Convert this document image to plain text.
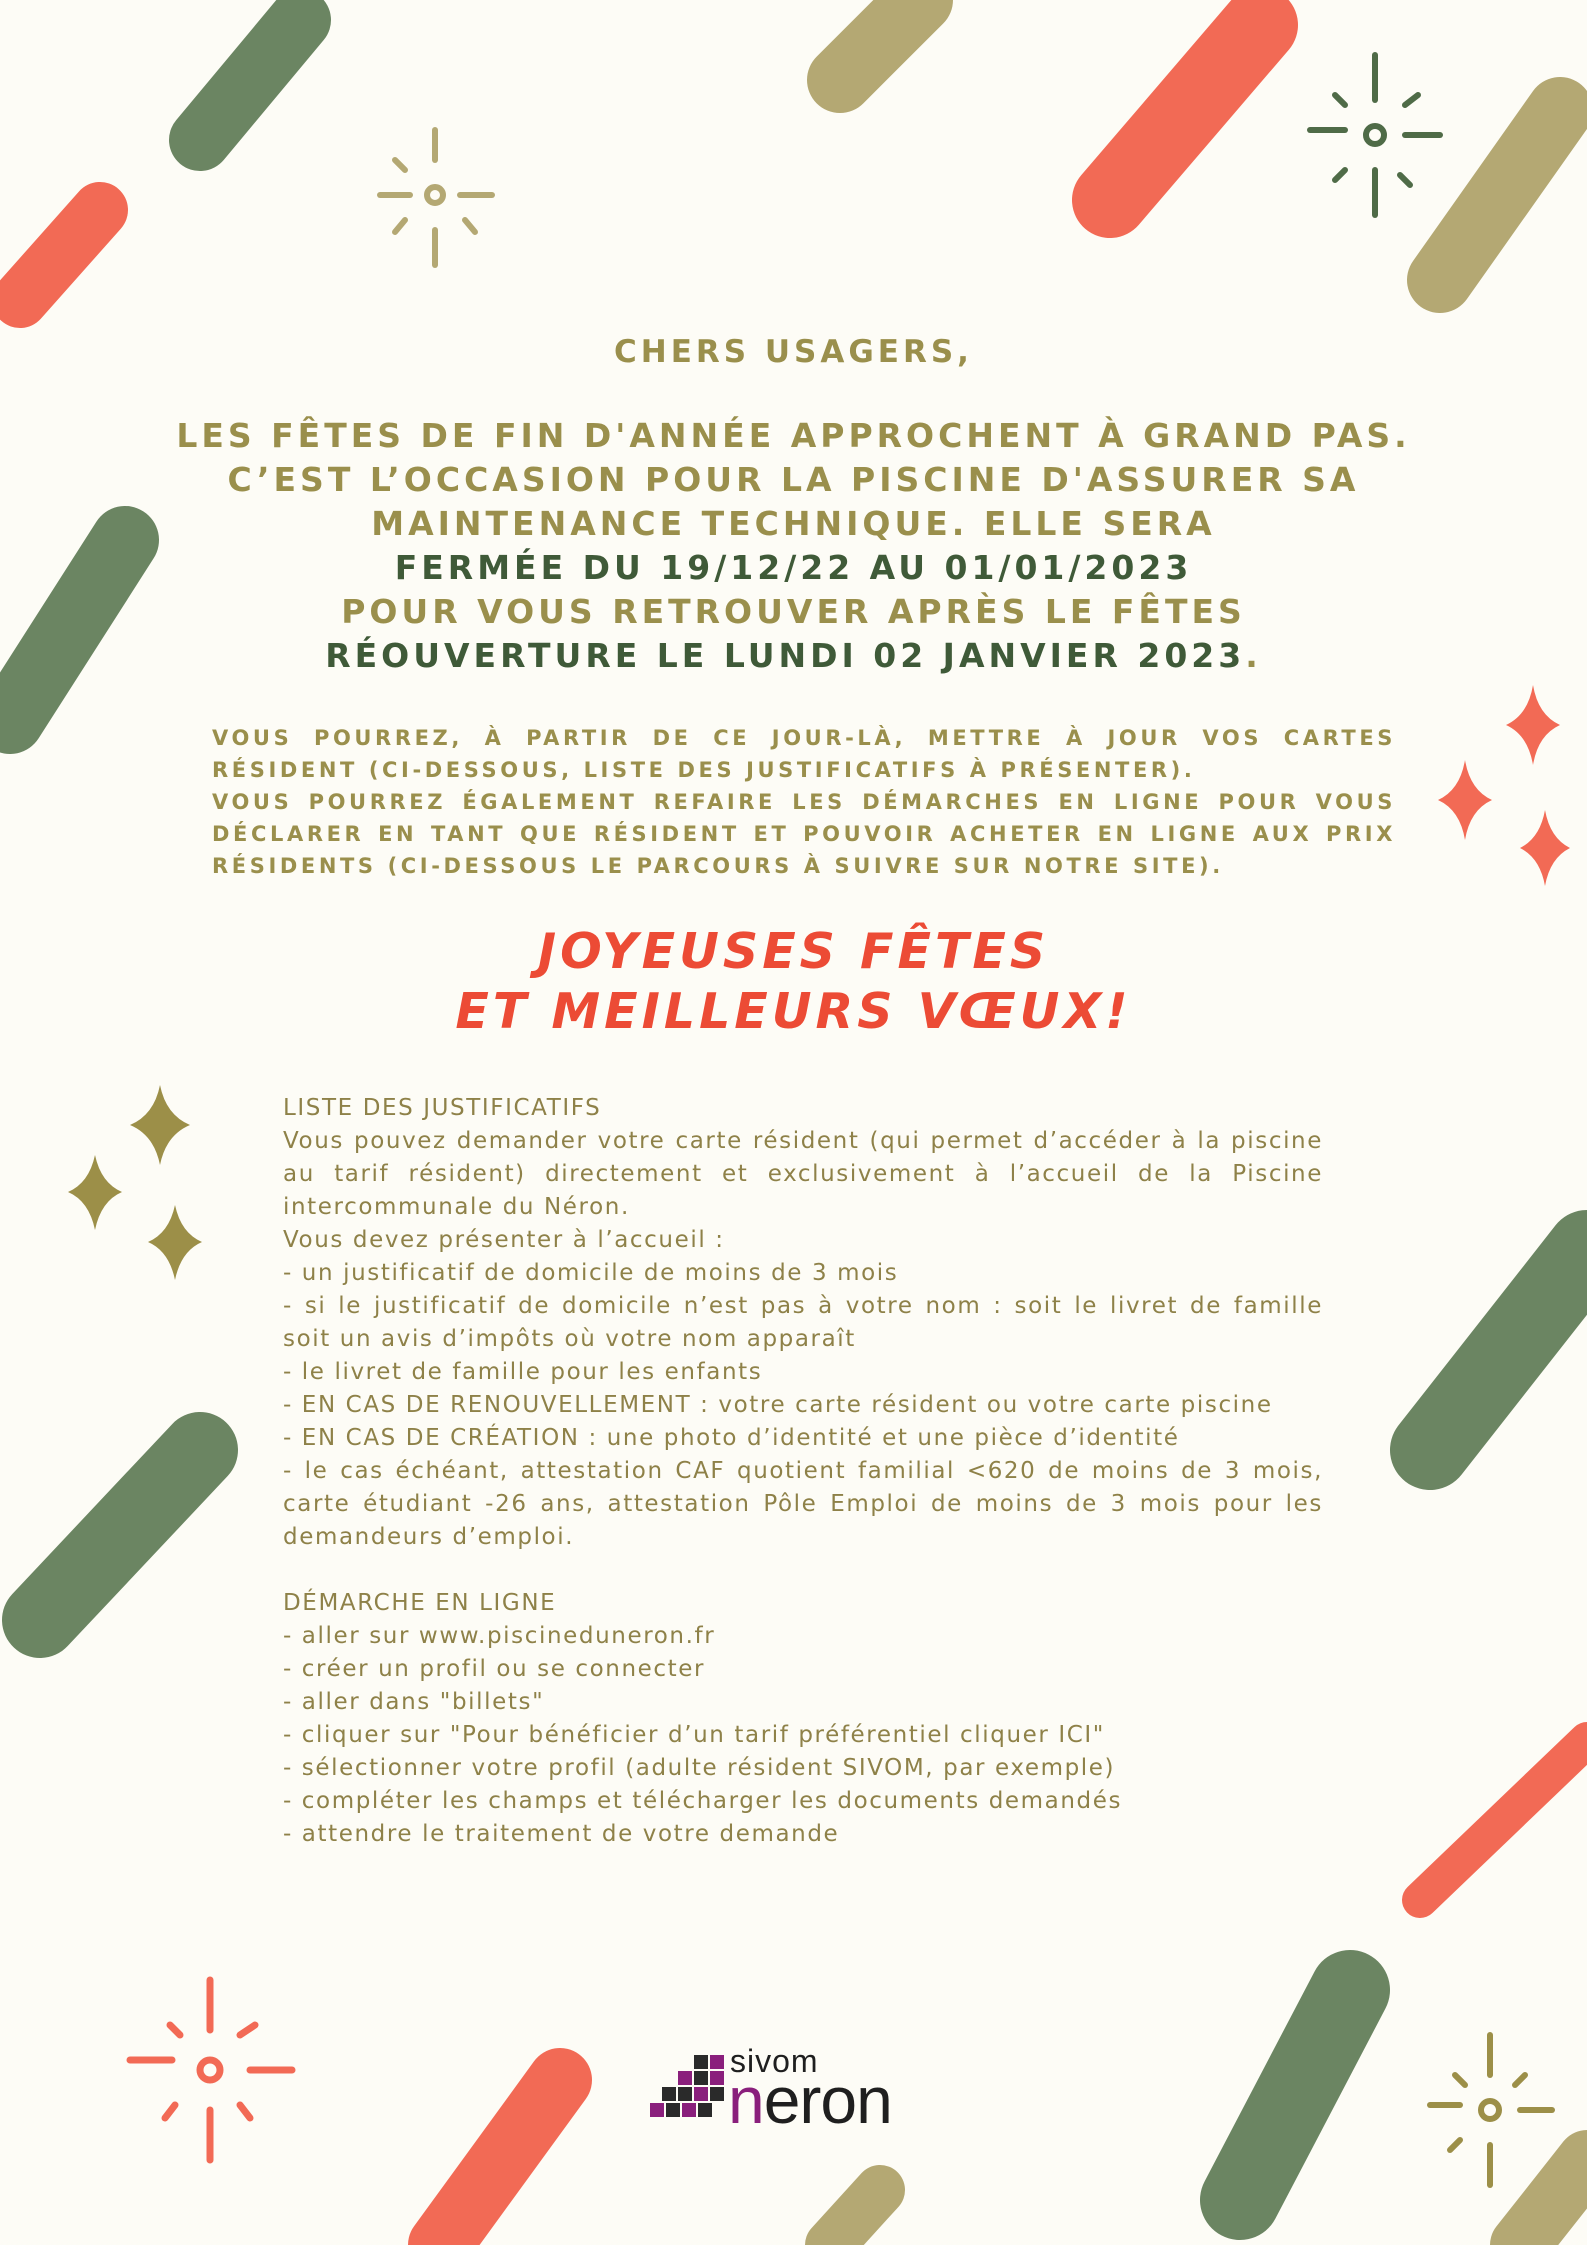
CHERS USAGERS,
LES FÊTES DE FIN D'ANNÉE APPROCHENT À GRAND PAS.
C’EST L’OCCASION POUR LA PISCINE D'ASSURER SA
MAINTENANCE TECHNIQUE. ELLE SERA
FERMÉE DU 19/12/22 AU 01/01/2023
POUR VOUS RETROUVER APRÈS LE FÊTES
RÉOUVERTURE LE LUNDI 02 JANVIER 2023.

VOUS POURREZ, À PARTIR DE CE JOUR-LÀ, METTRE À JOUR VOS CARTES RÉSIDENT (CI-DESSOUS, LISTE DES JUSTIFICATIFS À PRÉSENTER).

VOUS POURREZ ÉGALEMENT REFAIRE LES DÉMARCHES EN LIGNE POUR VOUS DÉCLARER EN TANT QUE RÉSIDENT ET POUVOIR ACHETER EN LIGNE AUX PRIX RÉSIDENTS (CI-DESSOUS LE PARCOURS À SUIVRE SUR NOTRE SITE).

JOYEUSES FÊTES
ET MEILLEURS VŒUX!

LISTE DES JUSTIFICATIFS

Vous pouvez demander votre carte résident (qui permet d’accéder à la piscine au tarif résident) directement et exclusivement à l’accueil de la Piscine intercommunale du Néron.

Vous devez présenter à l’accueil :

- un justificatif de domicile de moins de 3 mois

- si le justificatif de domicile n’est pas à votre nom : soit le livret de famille soit un avis d’impôts où votre nom apparaît

- le livret de famille pour les enfants

- EN CAS DE RENOUVELLEMENT : votre carte résident ou votre carte piscine

- EN CAS DE CRÉATION : une photo d’identité et une pièce d’identité

- le cas échéant, attestation CAF quotient familial <620 de moins de 3 mois, carte étudiant -26 ans, attestation Pôle Emploi de moins de 3 mois pour les demandeurs d’emploi.

DÉMARCHE EN LIGNE

- aller sur www.piscineduneron.fr

- créer un profil ou se connecter

- aller dans "billets"

- cliquer sur "Pour bénéficier d’un tarif préférentiel cliquer ICI"

- sélectionner votre profil (adulte résident SIVOM, par exemple)

- compléter les champs et télécharger les documents demandés

- attendre le traitement de votre demande

sivom
neron
